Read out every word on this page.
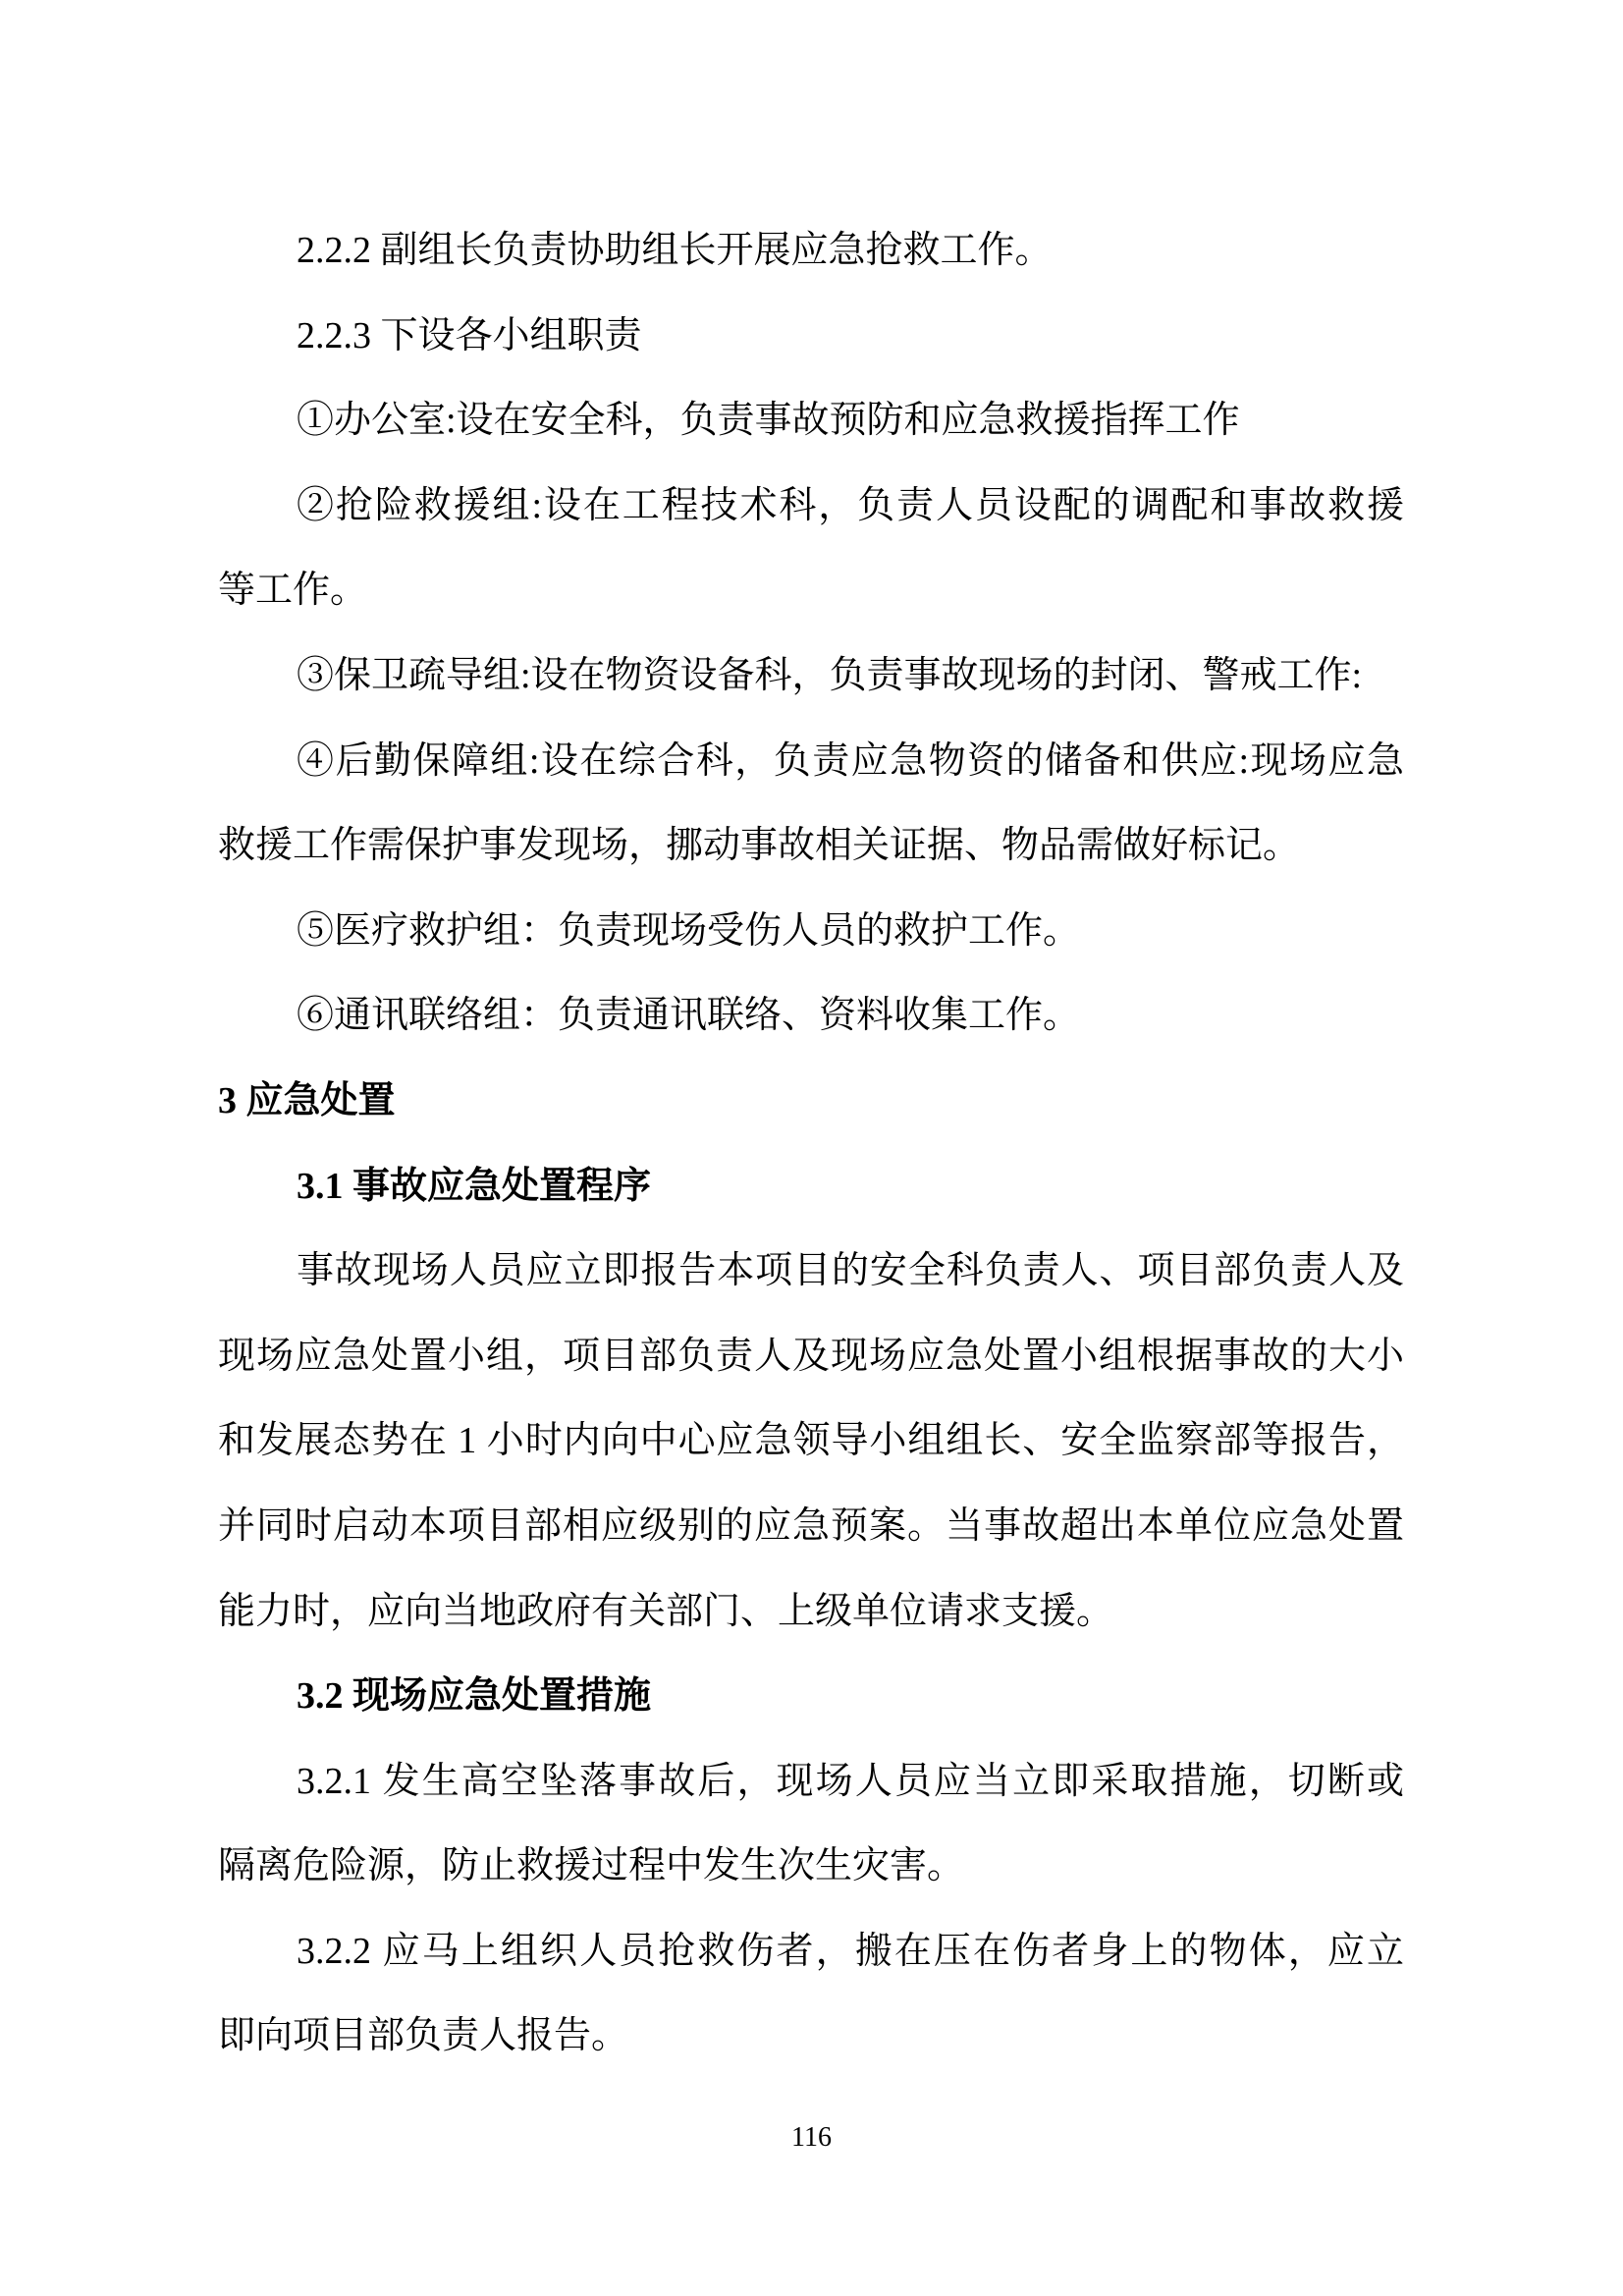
2.2.2 副组长负责协助组长开展应急抢救工作。
2.2.3 下设各小组职责
①办公室:设在安全科，负责事故预防和应急救援指挥工作
②抢险救援组:设在工程技术科，负责人员设配的调配和事故救援
等工作。
③保卫疏导组:设在物资设备科，负责事故现场的封闭、警戒工作:
④后勤保障组:设在综合科，负责应急物资的储备和供应:现场应急
救援工作需保护事发现场，挪动事故相关证据、物品需做好标记。
⑤医疗救护组：负责现场受伤人员的救护工作。
⑥通讯联络组：负责通讯联络、资料收集工作。
3 应急处置
3.1 事故应急处置程序
事故现场人员应立即报告本项目的安全科负责人、项目部负责人及
现场应急处置小组，项目部负责人及现场应急处置小组根据事故的大小
和发展态势在 1 小时内向中心应急领导小组组长、安全监察部等报告，
并同时启动本项目部相应级别的应急预案。当事故超出本单位应急处置
能力时，应向当地政府有关部门、上级单位请求支援。
3.2 现场应急处置措施
3.2.1 发生高空坠落事故后，现场人员应当立即采取措施，切断或
隔离危险源，防止救援过程中发生次生灾害。
3.2.2 应马上组织人员抢救伤者，搬在压在伤者身上的物体，应立
即向项目部负责人报告。
116
